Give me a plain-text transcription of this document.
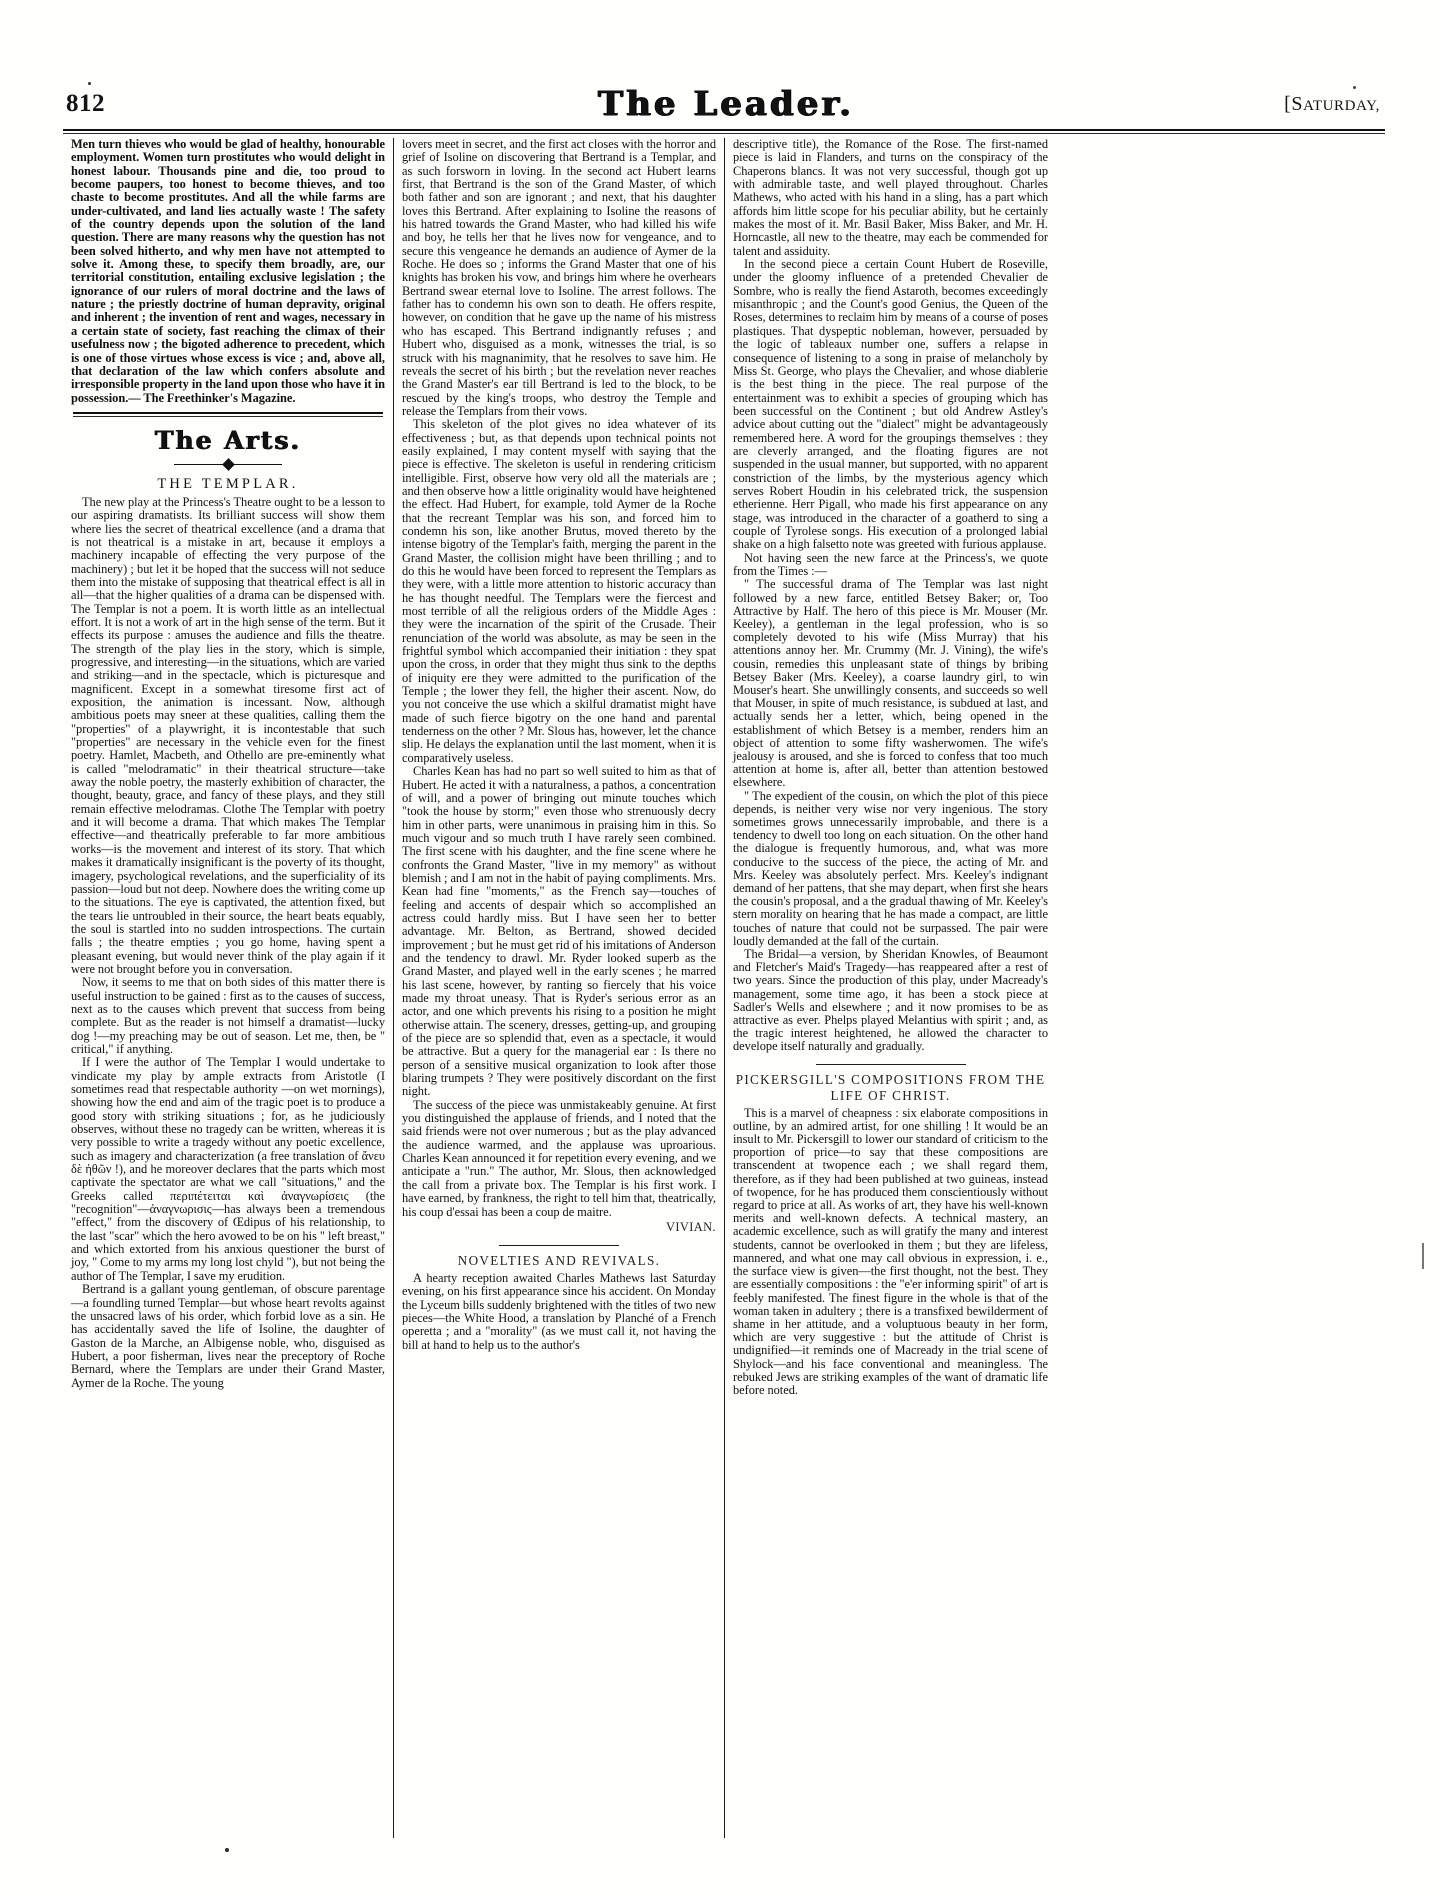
812	The Leader.	[SATURDAY,

Men turn thieves who would be glad of healthy, honourable employment. Women turn prostitutes who would delight in honest labour. Thousands pine and die, too proud to become paupers, too honest to become thieves, and too chaste to become prostitutes. And all the while farms are under-cultivated, and land lies actually waste ! The safety of the country depends upon the solution of the land question. There are many reasons why the question has not been solved hitherto, and why men have not attempted to solve it. Among these, to specify them broadly, are, our territorial constitution, entailing exclusive legislation ; the ignorance of our rulers of moral doctrine and the laws of nature ; the priestly doctrine of human depravity, original and inherent ; the invention of rent and wages, necessary in a certain state of society, fast reaching the climax of their usefulness now ; the bigoted adherence to precedent, which is one of those virtues whose excess is vice ; and, above all, that declaration of the law which confers absolute and irresponsible property in the land upon those who have it in possession.— The Freethinker's Magazine.

The Arts.
THE TEMPLAR.

The new play at the Princess's Theatre ought to be a lesson to our aspiring dramatists. Its brilliant success will show them where lies the secret of theatrical excellence (and a drama that is not theatrical is a mistake in art, because it employs a machinery incapable of effecting the very purpose of the machinery) ; but let it be hoped that the success will not seduce them into the mistake of supposing that theatrical effect is all in all—that the higher qualities of a drama can be dispensed with. The Templar is not a poem. It is worth little as an intellectual effort. It is not a work of art in the high sense of the term. But it effects its purpose : amuses the audience and fills the theatre. The strength of the play lies in the story, which is simple, progressive, and interesting—in the situations, which are varied and striking—and in the spectacle, which is picturesque and magnificent. Except in a somewhat tiresome first act of exposition, the animation is incessant. Now, although ambitious poets may sneer at these qualities, calling them the "properties" of a playwright, it is incontestable that such "properties" are necessary in the vehicle even for the finest poetry. Hamlet, Macbeth, and Othello are pre-eminently what is called "melodramatic" in their theatrical structure—take away the noble poetry, the masterly exhibition of character, the thought, beauty, grace, and fancy of these plays, and they still remain effective melodramas. Clothe The Templar with poetry and it will become a drama. That which makes The Templar effective—and theatrically preferable to far more ambitious works—is the movement and interest of its story. That which makes it dramatically insignificant is the poverty of its thought, imagery, psychological revelations, and the superficiality of its passion—loud but not deep. Nowhere does the writing come up to the situations. The eye is captivated, the attention fixed, but the tears lie untroubled in their source, the heart beats equably, the soul is startled into no sudden introspections. The curtain falls ; the theatre empties ; you go home, having spent a pleasant evening, but would never think of the play again if it were not brought before you in conversation.

Now, it seems to me that on both sides of this matter there is useful instruction to be gained : first as to the causes of success, next as to the causes which prevent that success from being complete. But as the reader is not himself a dramatist—lucky dog !—my preaching may be out of season. Let me, then, be " critical," if anything.

If I were the author of The Templar I would undertake to vindicate my play by ample extracts from Aristotle (I sometimes read that respectable authority —on wet mornings), showing how the end and aim of the tragic poet is to produce a good story with striking situations ; for, as he judiciously observes, without these no tragedy can be written, whereas it is very possible to write a tragedy without any poetic excellence, such as imagery and characterization (a free translation of ἄνευ δὲ ἠθῶν !), and he moreover declares that the parts which most captivate the spectator are what we call "situations," and the Greeks called περιπέτειται καὶ ἀναγνωρίσεις (the "recognition"—ἀναγνωρισις—has always been a tremendous "effect," from the discovery of Œdipus of his relationship, to the last "scar" which the hero avowed to be on his " left breast," and which extorted from his anxious questioner the burst of joy, " Come to my arms my long lost chyld "), but not being the author of The Templar, I save my erudition.

Bertrand is a gallant young gentleman, of obscure parentage—a foundling turned Templar—but whose heart revolts against the unsacred laws of his order, which forbid love as a sin. He has accidentally saved the life of Isoline, the daughter of Gaston de la Marche, an Albigense noble, who, disguised as Hubert, a poor fisherman, lives near the preceptory of Roche Bernard, where the Templars are under their Grand Master, Aymer de la Roche. The young

lovers meet in secret, and the first act closes with the horror and grief of Isoline on discovering that Bertrand is a Templar, and as such forsworn in loving. In the second act Hubert learns first, that Bertrand is the son of the Grand Master, of which both father and son are ignorant ; and next, that his daughter loves this Bertrand. After explaining to Isoline the reasons of his hatred towards the Grand Master, who had killed his wife and boy, he tells her that he lives now for vengeance, and to secure this vengeance he demands an audience of Aymer de la Roche. He does so ; informs the Grand Master that one of his knights has broken his vow, and brings him where he overhears Bertrand swear eternal love to Isoline. The arrest follows. The father has to condemn his own son to death. He offers respite, however, on condition that he gave up the name of his mistress who has escaped. This Bertrand indignantly refuses ; and Hubert who, disguised as a monk, witnesses the trial, is so struck with his magnanimity, that he resolves to save him. He reveals the secret of his birth ; but the revelation never reaches the Grand Master's ear till Bertrand is led to the block, to be rescued by the king's troops, who destroy the Temple and release the Templars from their vows.

This skeleton of the plot gives no idea whatever of its effectiveness ; but, as that depends upon technical points not easily explained, I may content myself with saying that the piece is effective. The skeleton is useful in rendering criticism intelligible. First, observe how very old all the materials are ; and then observe how a little originality would have heightened the effect. Had Hubert, for example, told Aymer de la Roche that the recreant Templar was his son, and forced him to condemn his son, like another Brutus, moved thereto by the intense bigotry of the Templar's faith, merging the parent in the Grand Master, the collision might have been thrilling ; and to do this he would have been forced to represent the Templars as they were, with a little more attention to historic accuracy than he has thought needful. The Templars were the fiercest and most terrible of all the religious orders of the Middle Ages : they were the incarnation of the spirit of the Crusade. Their renunciation of the world was absolute, as may be seen in the frightful symbol which accompanied their initiation : they spat upon the cross, in order that they might thus sink to the depths of iniquity ere they were admitted to the purification of the Temple ; the lower they fell, the higher their ascent. Now, do you not conceive the use which a skilful dramatist might have made of such fierce bigotry on the one hand and parental tenderness on the other ? Mr. Slous has, however, let the chance slip. He delays the explanation until the last moment, when it is comparatively useless.

Charles Kean has had no part so well suited to him as that of Hubert. He acted it with a naturalness, a pathos, a concentration of will, and a power of bringing out minute touches which "took the house by storm;" even those who strenuously decry him in other parts, were unanimous in praising him in this. So much vigour and so much truth I have rarely seen combined. The first scene with his daughter, and the fine scene where he confronts the Grand Master, "live in my memory" as without blemish ; and I am not in the habit of paying compliments. Mrs. Kean had fine "moments," as the French say—touches of feeling and accents of despair which so accomplished an actress could hardly miss. But I have seen her to better advantage. Mr. Belton, as Bertrand, showed decided improvement ; but he must get rid of his imitations of Anderson and the tendency to drawl. Mr. Ryder looked superb as the Grand Master, and played well in the early scenes ; he marred his last scene, however, by ranting so fiercely that his voice made my throat uneasy. That is Ryder's serious error as an actor, and one which prevents his rising to a position he might otherwise attain. The scenery, dresses, getting-up, and grouping of the piece are so splendid that, even as a spectacle, it would be attractive. But a query for the managerial ear : Is there no person of a sensitive musical organization to look after those blaring trumpets ? They were positively discordant on the first night.

The success of the piece was unmistakeably genuine. At first you distinguished the applause of friends, and I noted that the said friends were not over numerous ; but as the play advanced the audience warmed, and the applause was uproarious. Charles Kean announced it for repetition every evening, and we anticipate a "run." The author, Mr. Slous, then acknowledged the call from a private box. The Templar is his first work. I have earned, by frankness, the right to tell him that, theatrically, his coup d'essai has been a coup de maitre.

VIVIAN.
NOVELTIES AND REVIVALS.

A hearty reception awaited Charles Mathews last Saturday evening, on his first appearance since his accident. On Monday the Lyceum bills suddenly brightened with the titles of two new pieces—the White Hood, a translation by Planché of a French operetta ; and a "morality" (as we must call it, not having the bill at hand to help us to the author's

descriptive title), the Romance of the Rose. The first-named piece is laid in Flanders, and turns on the conspiracy of the Chaperons blancs. It was not very successful, though got up with admirable taste, and well played throughout. Charles Mathews, who acted with his hand in a sling, has a part which affords him little scope for his peculiar ability, but he certainly makes the most of it. Mr. Basil Baker, Miss Baker, and Mr. H. Horncastle, all new to the theatre, may each be commended for talent and assiduity.

In the second piece a certain Count Hubert de Roseville, under the gloomy influence of a pretended Chevalier de Sombre, who is really the fiend Astaroth, becomes exceedingly misanthropic ; and the Count's good Genius, the Queen of the Roses, determines to reclaim him by means of a course of poses plastiques. That dyspeptic nobleman, however, persuaded by the logic of tableaux number one, suffers a relapse in consequence of listening to a song in praise of melancholy by Miss St. George, who plays the Chevalier, and whose diablerie is the best thing in the piece. The real purpose of the entertainment was to exhibit a species of grouping which has been successful on the Continent ; but old Andrew Astley's advice about cutting out the "dialect" might be advantageously remembered here. A word for the groupings themselves : they are cleverly arranged, and the floating figures are not suspended in the usual manner, but supported, with no apparent constriction of the limbs, by the mysterious agency which serves Robert Houdin in his celebrated trick, the suspension etherienne. Herr Pigall, who made his first appearance on any stage, was introduced in the character of a goatherd to sing a couple of Tyrolese songs. His execution of a prolonged labial shake on a high falsetto note was greeted with furious applause.

Not having seen the new farce at the Princess's, we quote from the Times :—

" The successful drama of The Templar was last night followed by a new farce, entitled Betsey Baker; or, Too Attractive by Half. The hero of this piece is Mr. Mouser (Mr. Keeley), a gentleman in the legal profession, who is so completely devoted to his wife (Miss Murray) that his attentions annoy her. Mr. Crummy (Mr. J. Vining), the wife's cousin, remedies this unpleasant state of things by bribing Betsey Baker (Mrs. Keeley), a coarse laundry girl, to win Mouser's heart. She unwillingly consents, and succeeds so well that Mouser, in spite of much resistance, is subdued at last, and actually sends her a letter, which, being opened in the establishment of which Betsey is a member, renders him an object of attention to some fifty washerwomen. The wife's jealousy is aroused, and she is forced to confess that too much attention at home is, after all, better than attention bestowed elsewhere.

" The expedient of the cousin, on which the plot of this piece depends, is neither very wise nor very ingenious. The story sometimes grows unnecessarily improbable, and there is a tendency to dwell too long on each situation. On the other hand the dialogue is frequently humorous, and, what was more conducive to the success of the piece, the acting of Mr. and Mrs. Keeley was absolutely perfect. Mrs. Keeley's indignant demand of her pattens, that she may depart, when first she hears the cousin's proposal, and a the gradual thawing of Mr. Keeley's stern morality on hearing that he has made a compact, are little touches of nature that could not be surpassed. The pair were loudly demanded at the fall of the curtain.

The Bridal—a version, by Sheridan Knowles, of Beaumont and Fletcher's Maid's Tragedy—has reappeared after a rest of two years. Since the production of this play, under Macready's management, some time ago, it has been a stock piece at Sadler's Wells and elsewhere ; and it now promises to be as attractive as ever. Phelps played Melantius with spirit ; and, as the tragic interest heightened, he allowed the character to develope itself naturally and gradually.

PICKERSGILL'S COMPOSITIONS FROM THE
LIFE OF CHRIST.

This is a marvel of cheapness : six elaborate compositions in outline, by an admired artist, for one shilling ! It would be an insult to Mr. Pickersgill to lower our standard of criticism to the proportion of price—to say that these compositions are transcendent at twopence each ; we shall regard them, therefore, as if they had been published at two guineas, instead of twopence, for he has produced them conscientiously without regard to price at all. As works of art, they have his well-known merits and well-known defects. A technical mastery, an academic excellence, such as will gratify the many and interest students, cannot be overlooked in them ; but they are lifeless, mannered, and what one may call obvious in expression, i. e., the surface view is given—the first thought, not the best. They are essentially compositions : the "e'er informing spirit" of art is feebly manifested. The finest figure in the whole is that of the woman taken in adultery ; there is a transfixed bewilderment of shame in her attitude, and a voluptuous beauty in her form, which are very suggestive : but the attitude of Christ is undignified—it reminds one of Macready in the trial scene of Shylock—and his face conventional and meaningless. The rebuked Jews are striking examples of the want of dramatic life before noted.
